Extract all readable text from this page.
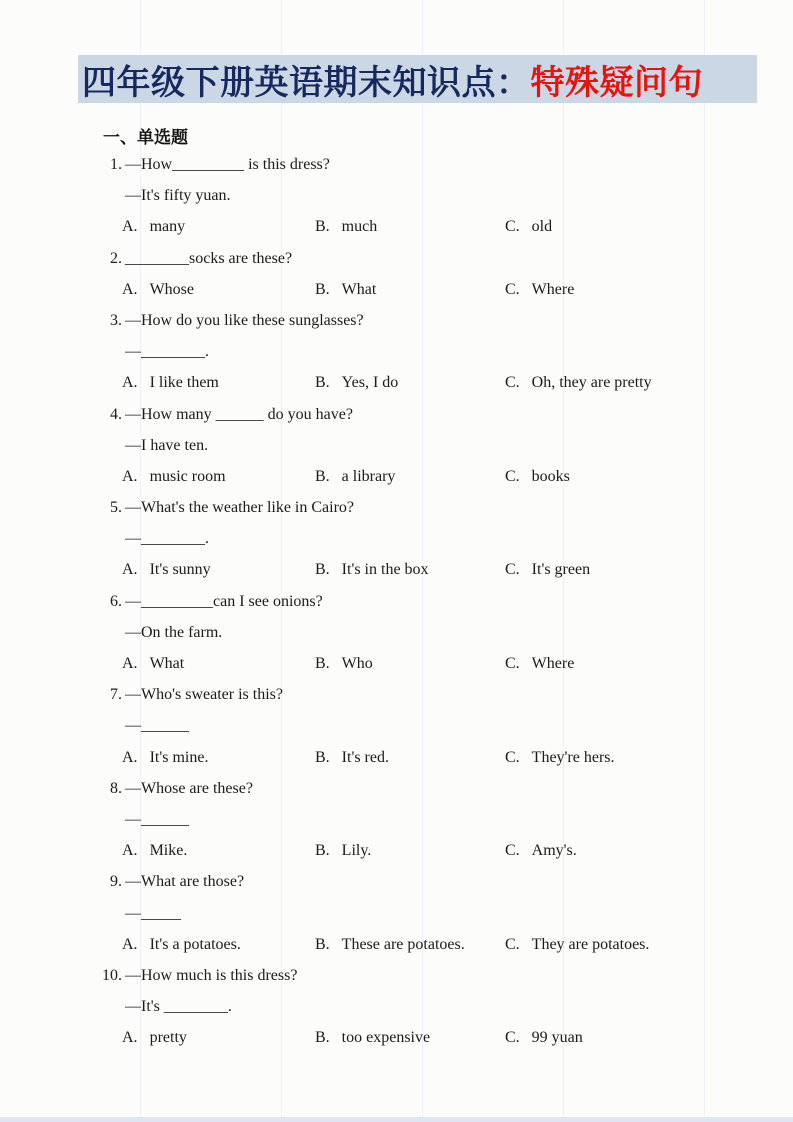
四年级下册英语期末知识点： 特殊疑问句
一、单选题
1. —How_________ is this dress?
—It's fifty yuan.
A. many	B. much	C. old
2. ________socks are these?
A. Whose	B. What	C. Where
3. —How do you like these sunglasses?
—________.
A. I like them	B. Yes, I do	C. Oh, they are pretty
4. —How many ______ do you have?
—I have ten.
A. music room	B. a library	C. books
5. —What's the weather like in Cairo?
—________.
A. It's sunny	B. It's in the box	C. It's green
6. —_________can I see onions?
—On the farm.
A. What	B. Who	C. Where
7. —Who's sweater is this?
—______
A. It's mine.	B. It's red.	C. They're hers.
8. —Whose are these?
—______
A. Mike.	B. Lily.	C. Amy's.
9. —What are those?
—_____
A. It's a potatoes.	B. These are potatoes.	C. They are potatoes.
10. —How much is this dress?
—It's ________.
A. pretty	B. too expensive	C. 99 yuan
